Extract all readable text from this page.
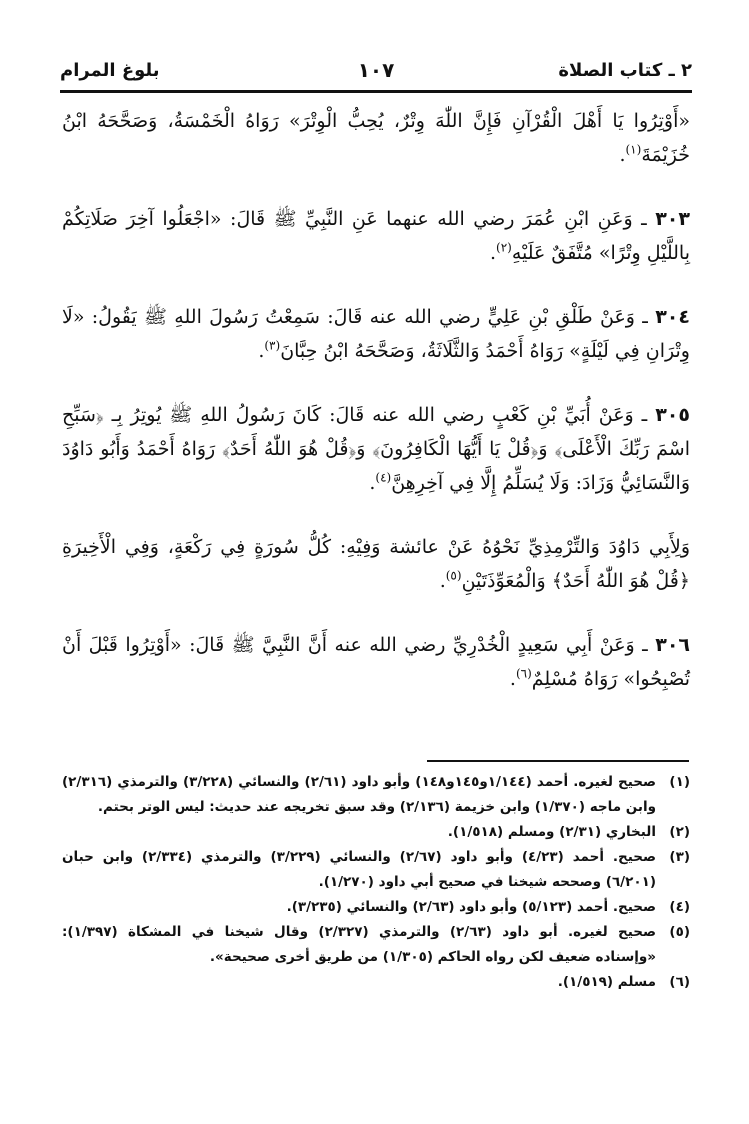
٢ ـ كتاب الصلاة
١٠٧
بلوغ المرام

«أَوْتِرُوا يَا أَهْلَ الْقُرْآنِ فَإِنَّ اللّٰهَ وِتْرٌ، يُحِبُّ الْوِتْرَ» رَوَاهُ الْخَمْسَةُ، وَصَحَّحَهُ ابْنُ خُزَيْمَةَ$^{(١)}$.

٣٠٣ ـ وَعَنِ ابْنِ عُمَرَ رضي الله عنهما عَنِ النَّبِيِّ ﷺ قَالَ: «اجْعَلُوا آخِرَ صَلَاتِكُمْ بِاللَّيْلِ وِتْرًا» مُتَّفَقٌ عَلَيْهِ$^{(٢)}$.

٣٠٤ ـ وَعَنْ طَلْقِ بْنِ عَلِيٍّ رضي الله عنه قَالَ: سَمِعْتُ رَسُولَ اللهِ ﷺ يَقُولُ: «لَا وِتْرَانِ فِي لَيْلَةٍ» رَوَاهُ أَحْمَدُ وَالثَّلَاثَةُ، وَصَحَّحَهُ ابْنُ حِبَّانَ$^{(٣)}$.

٣٠٥ ـ وَعَنْ أُبَيِّ بْنِ كَعْبٍ رضي الله عنه قَالَ: كَانَ رَسُولُ اللهِ ﷺ يُوتِرُ بِـ ﴿سَبِّحِ اسْمَ رَبِّكَ الْأَعْلَى﴾ وَ﴿قُلْ يَا أَيُّهَا الْكَافِرُونَ﴾ وَ﴿قُلْ هُوَ اللّٰهُ أَحَدٌ﴾ رَوَاهُ أَحْمَدُ وَأَبُو دَاوُدَ وَالنَّسَائِيُّ وَزَادَ: وَلَا يُسَلِّمُ إِلَّا فِي آخِرِهِنَّ$^{(٤)}$.

وَلِأَبِي دَاوُدَ وَالتِّرْمِذِيِّ نَحْوُهُ عَنْ عائشة وَفِيْهِ: كُلُّ سُورَةٍ فِي رَكْعَةٍ، وَفِي الْأَخِيرَةِ ﴿قُلْ هُوَ اللّٰهُ أَحَدٌ﴾ وَالْمُعَوِّذَتَيْنِ$^{(٥)}$.

٣٠٦ ـ وَعَنْ أَبِي سَعِيدٍ الْخُدْرِيِّ رضي الله عنه أَنَّ النَّبِيَّ ﷺ قَالَ: «أَوْتِرُوا قَبْلَ أَنْ تُصْبِحُوا» رَوَاهُ مُسْلِمٌ$^{(٦)}$.

(١)
صحيح لغيره. أحمد (١/١٤٤و١٤٥و١٤٨) وأبو داود (٢/٦١) والنسائي (٣/٢٢٨) والترمذي (٢/٣١٦) وابن ماجه (١/٣٧٠) وابن خزيمة (٢/١٣٦) وقد سبق تخريجه عند حديث: ليس الوتر بحتم.
(٢)
البخاري (٢/٣١) ومسلم (١/٥١٨).
(٣)
صحيح. أحمد (٤/٢٣) وأبو داود (٢/٦٧) والنسائي (٣/٢٢٩) والترمذي (٢/٣٣٤) وابن حبان (٦/٢٠١) وصححه شيخنا في صحيح أبي داود (١/٢٧٠).
(٤)
صحيح. أحمد (٥/١٢٣) وأبو داود (٢/٦٣) والنسائي (٣/٢٣٥).
(٥)
صحيح لغيره. أبو داود (٢/٦٣) والترمذي (٢/٣٢٧) وقال شيخنا في المشكاة (١/٣٩٧): «وإسناده ضعيف لكن رواه الحاكم (١/٣٠٥) من طريق أخرى صحيحة».
(٦)
مسلم (١/٥١٩).
